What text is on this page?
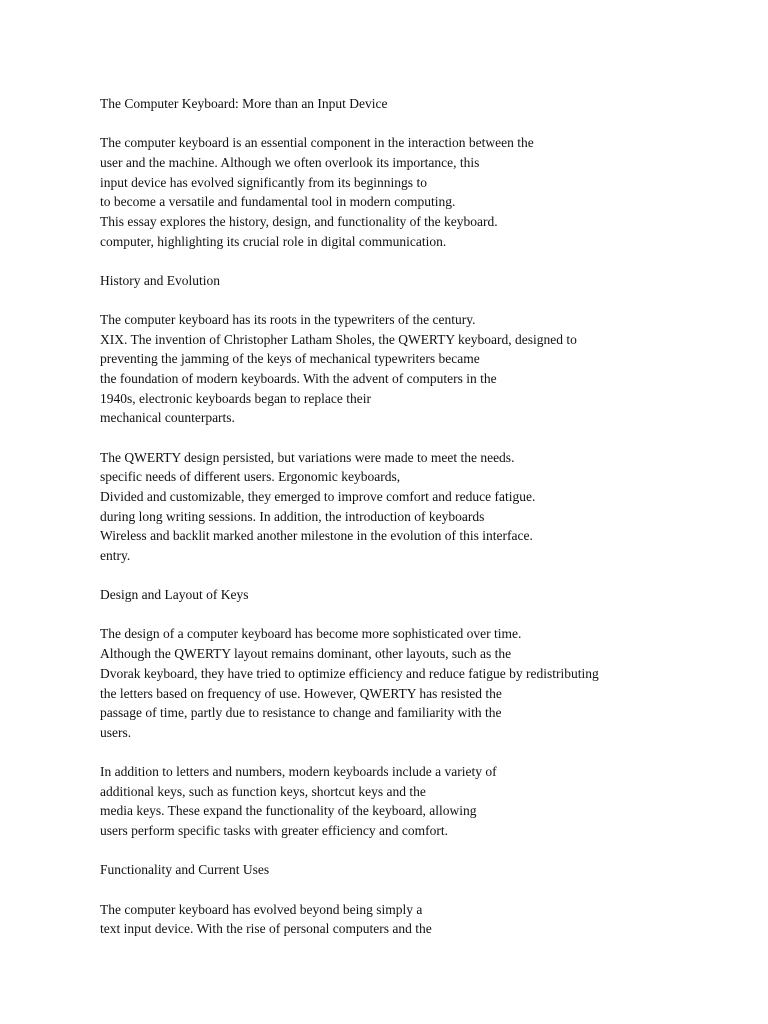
The Computer Keyboard: More than an Input Device
The computer keyboard is an essential component in the interaction between the
user and the machine. Although we often overlook its importance, this
input device has evolved significantly from its beginnings to
to become a versatile and fundamental tool in modern computing.
This essay explores the history, design, and functionality of the keyboard.
computer, highlighting its crucial role in digital communication.
History and Evolution
The computer keyboard has its roots in the typewriters of the century.
XIX. The invention of Christopher Latham Sholes, the QWERTY keyboard, designed to
preventing the jamming of the keys of mechanical typewriters became
the foundation of modern keyboards. With the advent of computers in the
1940s, electronic keyboards began to replace their
mechanical counterparts.
The QWERTY design persisted, but variations were made to meet the needs.
specific needs of different users. Ergonomic keyboards,
Divided and customizable, they emerged to improve comfort and reduce fatigue.
during long writing sessions. In addition, the introduction of keyboards
Wireless and backlit marked another milestone in the evolution of this interface.
entry.
Design and Layout of Keys
The design of a computer keyboard has become more sophisticated over time.
Although the QWERTY layout remains dominant, other layouts, such as the
Dvorak keyboard, they have tried to optimize efficiency and reduce fatigue by redistributing
the letters based on frequency of use. However, QWERTY has resisted the
passage of time, partly due to resistance to change and familiarity with the
users.
In addition to letters and numbers, modern keyboards include a variety of
additional keys, such as function keys, shortcut keys and the
media keys. These expand the functionality of the keyboard, allowing
users perform specific tasks with greater efficiency and comfort.
Functionality and Current Uses
The computer keyboard has evolved beyond being simply a
text input device. With the rise of personal computers and the
